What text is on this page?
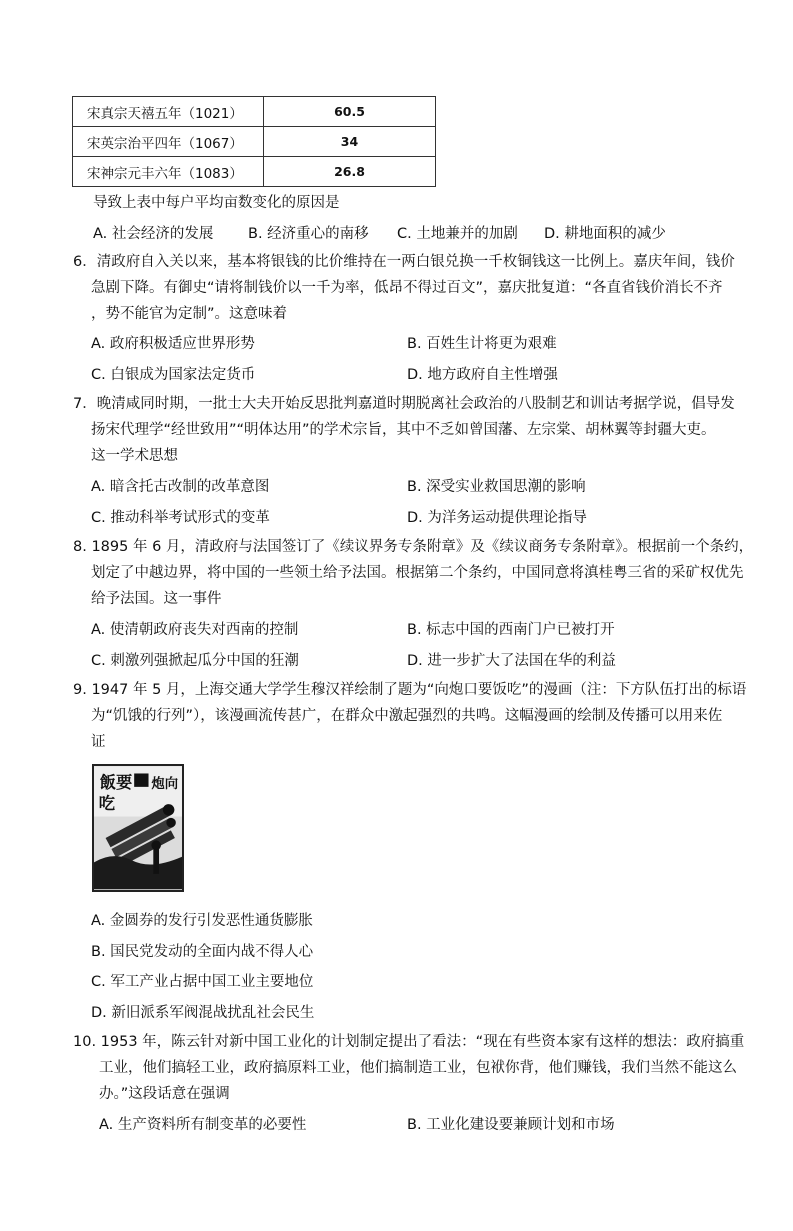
宋真宗天禧五年（1021）	60.5
宋英宗治平四年（1067）	34
宋神宗元丰六年（1083）	26.8
导致上表中每户平均亩数变化的原因是
A. 社会经济的发展 B. 经济重心的南移 C. 土地兼并的加剧 D. 耕地面积的减少
6．清政府自入关以来，基本将银钱的比价维持在一两白银兑换一千枚铜钱这一比例上。嘉庆年间，钱价
急剧下降。有御史“请将制钱价以一千为率，低昂不得过百文”，嘉庆批复道：“各直省钱价消长不齐
，势不能官为定制”。这意味着
A. 政府积极适应世界形势	B. 百姓生计将更为艰难
C. 白银成为国家法定货币	D. 地方政府自主性增强
7．晚清咸同时期，一批士大夫开始反思批判嘉道时期脱离社会政治的八股制艺和训诂考据学说，倡导发
扬宋代理学“经世致用”“明体达用”的学术宗旨，其中不乏如曾国藩、左宗棠、胡林翼等封疆大吏。
这一学术思想
A. 暗含托古改制的改革意图	B. 深受实业救国思潮的影响
C. 推动科举考试形式的变革	D. 为洋务运动提供理论指导
8. 1895 年 6 月，清政府与法国签订了《续议界务专条附章》及《续议商务专条附章》。根据前一个条约，
划定了中越边界，将中国的一些领土给予法国。根据第二个条约，中国同意将滇桂粤三省的采矿权优先
给予法国。这一事件
A. 使清朝政府丧失对西南的控制	B. 标志中国的西南门户已被打开
C. 刺激列强掀起瓜分中国的狂潮	D. 进一步扩大了法国在华的利益
9. 1947 年 5 月，上海交通大学学生穆汉祥绘制了题为“向炮口要饭吃”的漫画（注：下方队伍打出的标语
为“饥饿的行列”），该漫画流传甚广，在群众中激起强烈的共鸣。这幅漫画的绘制及传播可以用来佐
证
飯要 炮向
吃
A. 金圆券的发行引发恶性通货膨胀
B. 国民党发动的全面内战不得人心
C. 军工产业占据中国工业主要地位
D. 新旧派系军阀混战扰乱社会民生
10. 1953 年，陈云针对新中国工业化的计划制定提出了看法：“现在有些资本家有这样的想法：政府搞重
工业，他们搞轻工业，政府搞原料工业，他们搞制造工业，包袱你背，他们赚钱，我们当然不能这么
办。”这段话意在强调
A. 生产资料所有制变革的必要性	B. 工业化建设要兼顾计划和市场
